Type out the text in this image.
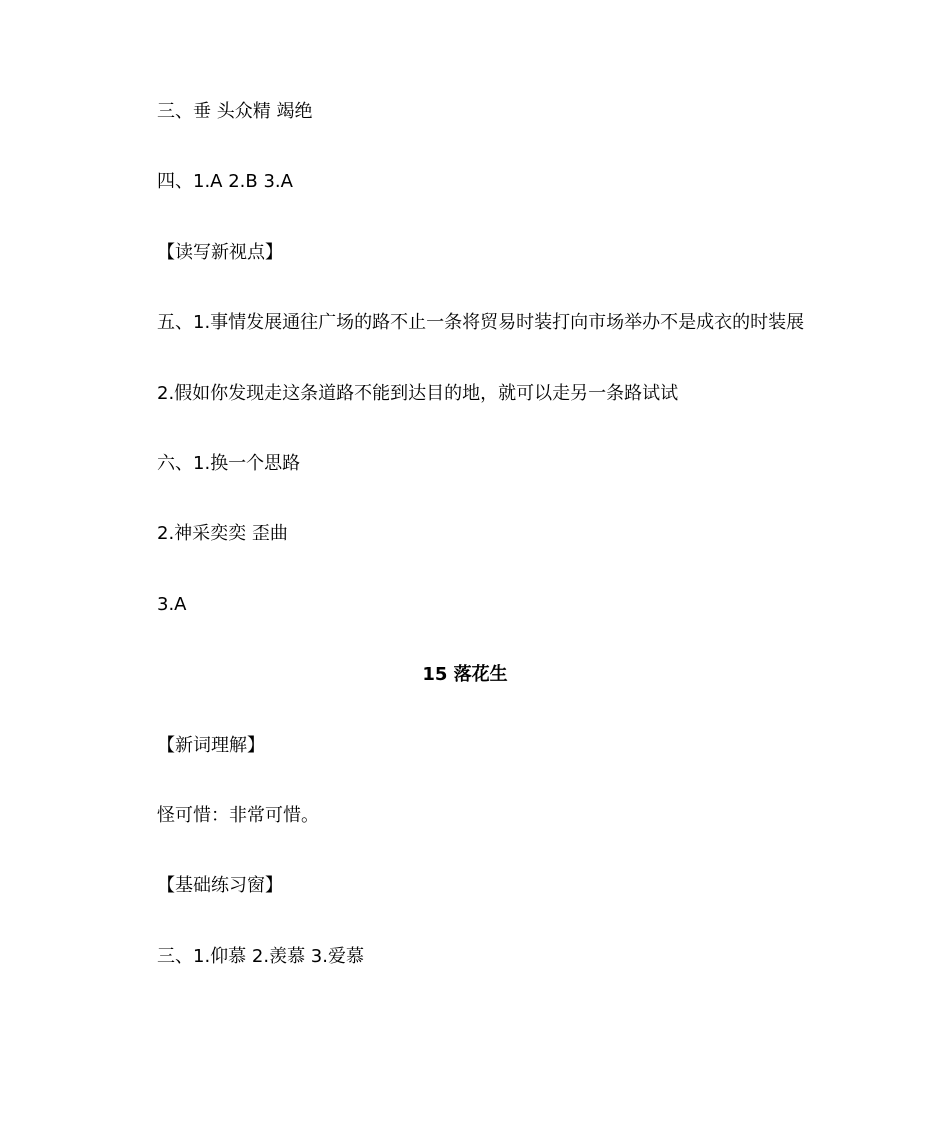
三、垂 头众精 竭绝
四、1.A 2.B 3.A
【读写新视点】
五、1.事情发展通往广场的路不止一条将贸易时装打向市场举办不是成衣的时装展
2.假如你发现走这条道路不能到达目的地，就可以走另一条路试试
六、1.换一个思路
2.神采奕奕 歪曲
3.A
15 落花生
【新词理解】
怪可惜：非常可惜。
【基础练习窗】
三、1.仰慕 2.羡慕 3.爱慕
